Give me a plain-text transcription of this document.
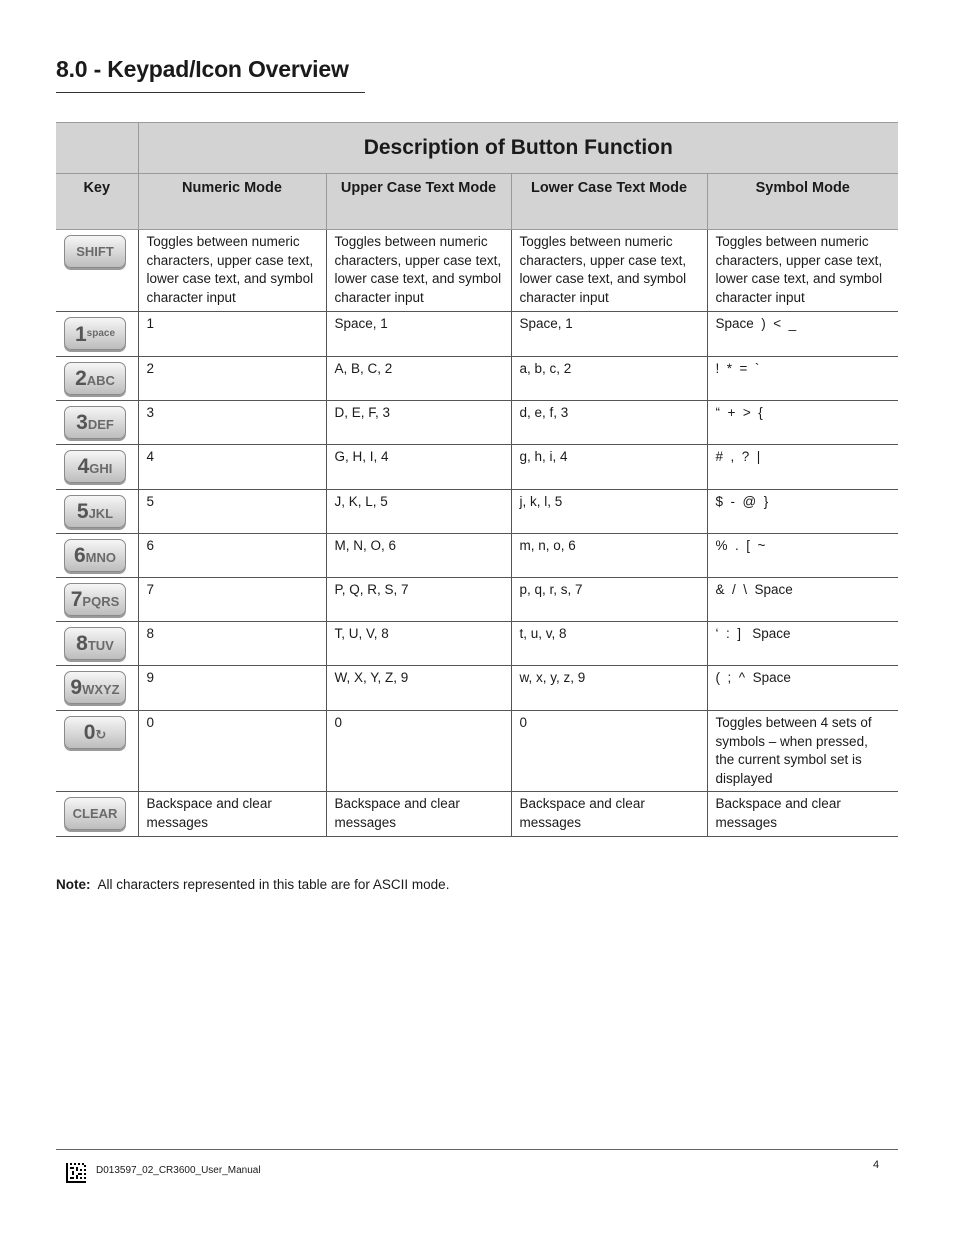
8.0 - Keypad/Icon Overview
	Description of Button Function			
Key	Numeric Mode	Upper Case Text Mode	Lower Case Text Mode	Symbol Mode
SHIFT	Toggles between numeric characters, upper case text, lower case text, and symbol character input	Toggles between numeric characters, upper case text, lower case text, and symbol character input	Toggles between numeric characters, upper case text, lower case text, and symbol character input	Toggles between numeric characters, upper case text, lower case text, and symbol character input
$1^{space}$	1	Space, 1	Space, 1	Space  )  <  _
2ABC	2	A, B, C, 2	a, b, c, 2	!  *  =  `
3DEF	3	D, E, F, 3	d, e, f, 3	“  +  >  {
4GHI	4	G, H, I, 4	g, h, i, 4	#  ,  ?  |
5JKL	5	J, K, L, 5	j, k, l, 5	$  -  @  }
6MNO	6	M, N, O, 6	m, n, o, 6	%  .  [  ~
7PQRS	7	P, Q, R, S, 7	p, q, r, s, 7	&  /  \  Space
8TUV	8	T, U, V, 8	t, u, v, 8	‘  :  ]   Space
9WXYZ	9	W, X, Y, Z, 9	w, x, y, z, 9	(  ;  ^  Space
0↻	0	0	0	Toggles between 4 sets of symbols – when pressed, the current symbol set is displayed
CLEAR	Backspace and clear messages	Backspace and clear messages	Backspace and clear messages	Backspace and clear messages

Note: All characters represented in this table are for ASCII mode.

D013597_02_CR3600_User_Manual	4
